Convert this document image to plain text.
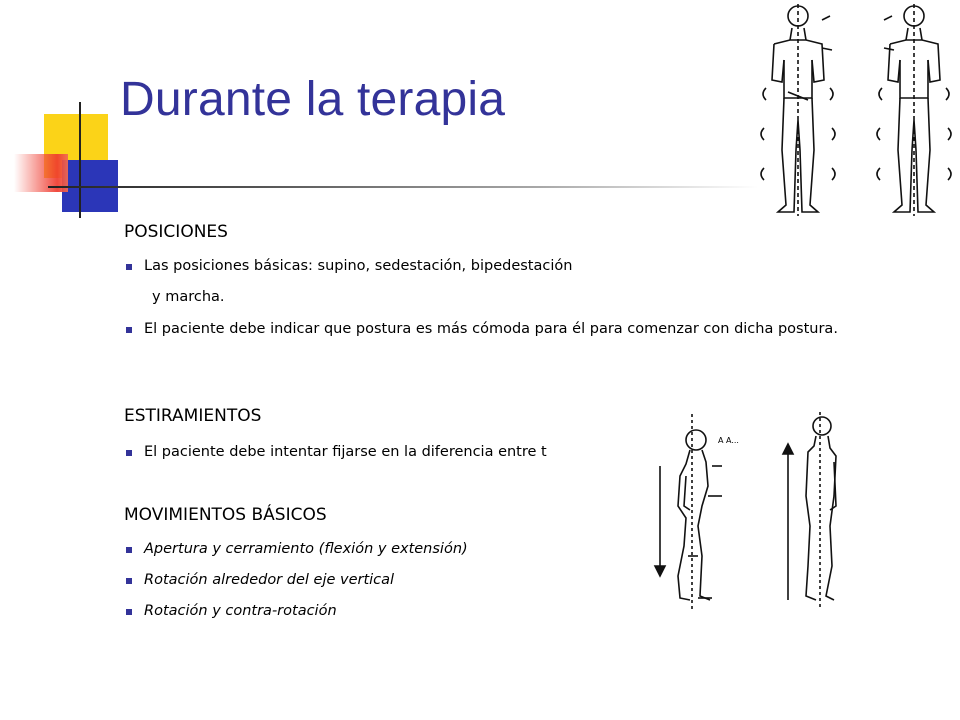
Durante la terapia
POSICIONES
Las posiciones básicas: supino, sedestación, bipedestación
y marcha.
El paciente debe indicar que postura es más cómoda para él para comenzar con dicha postura.
ESTIRAMIENTOS
El paciente debe intentar fijarse en la diferencia entre t
MOVIMIENTOS BÁSICOS
Apertura y cerramiento (flexión y extensión)
Rotación alrededor del eje vertical
Rotación y contra-rotación
A A...
